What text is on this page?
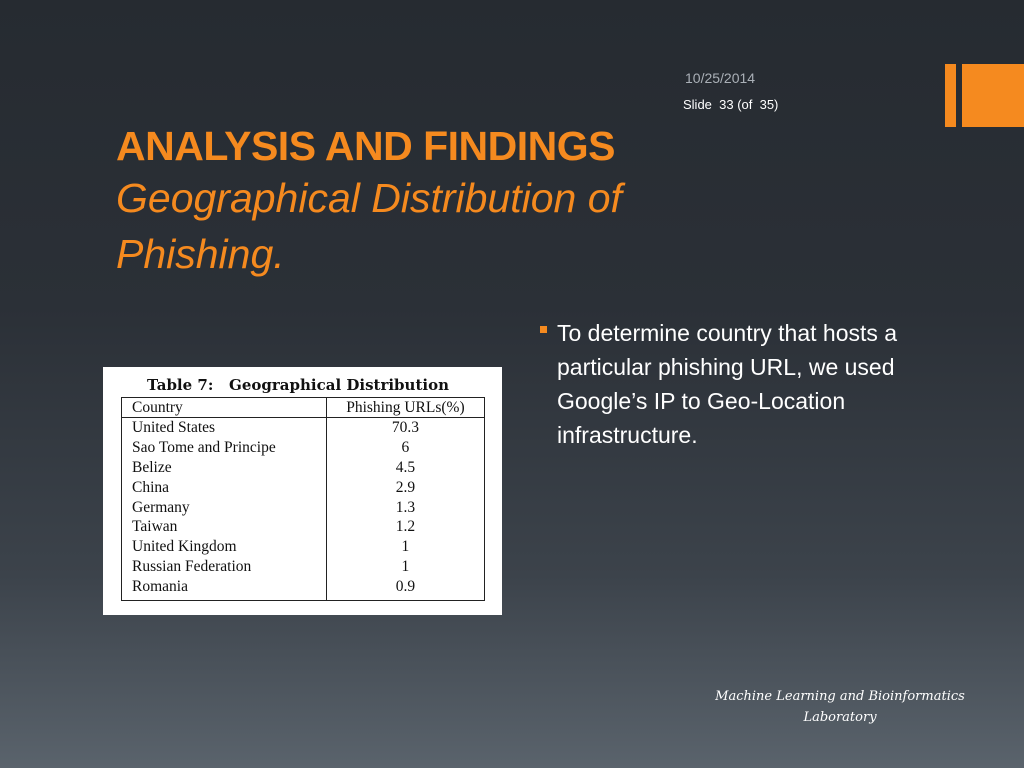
10/25/2014
Slide  33 (of  35)
ANALYSIS AND FINDINGS
Geographical Distribution of Phishing.
To determine country that hosts a particular phishing URL, we used Google’s IP to Geo-Location infrastructure.
Table 7:   Geographical Distribution
Country	Phishing URLs(%)
United States	70.3
Sao Tome and Principe	6
Belize	4.5
China	2.9
Germany	1.3
Taiwan	1.2
United Kingdom	1
Russian Federation	1
Romania	0.9
Machine Learning and Bioinformatics
Laboratory
